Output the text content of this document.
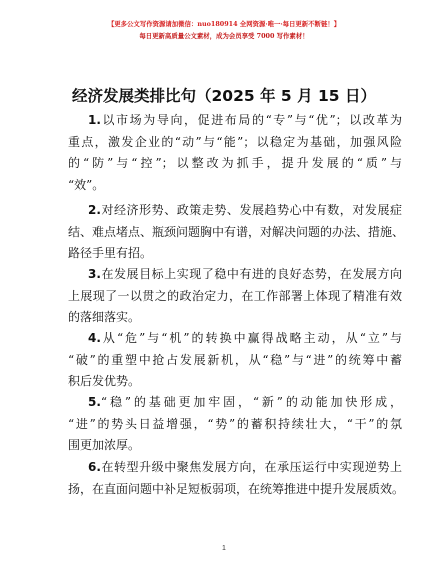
【更多公文写作资源请加微信：nuo180914 全网资源·唯一·每日更新不断链！】
每日更新高质量公文素材，成为会员享受 7000 写作素材！
经济发展类排比句（2025 年 5 月 15 日）
1.以市场为导向，促进布局的“专”与“优”；以改革为
重点，激发企业的“动”与“能”；以稳定为基础，加强风险
的“防”与“控”；以整改为抓手，提升发展的“质”与
“效”。
2.对经济形势、政策走势、发展趋势心中有数，对发展症
结、难点堵点、瓶颈问题胸中有谱，对解决问题的办法、措施、
路径手里有招。
3.在发展目标上实现了稳中有进的良好态势，在发展方向
上展现了一以贯之的政治定力，在工作部署上体现了精准有效
的落细落实。
4.从“危”与“机”的转换中赢得战略主动，从“立”与
“破”的重塑中抢占发展新机，从“稳”与“进”的统筹中蓄
积后发优势。
5.“稳”的基础更加牢固，“新”的动能加快形成，
“进”的势头日益增强，“势”的蓄积持续壮大，“干”的氛
围更加浓厚。
6.在转型升级中聚焦发展方向，在承压运行中实现逆势上
扬，在直面问题中补足短板弱项，在统筹推进中提升发展质效。
1
